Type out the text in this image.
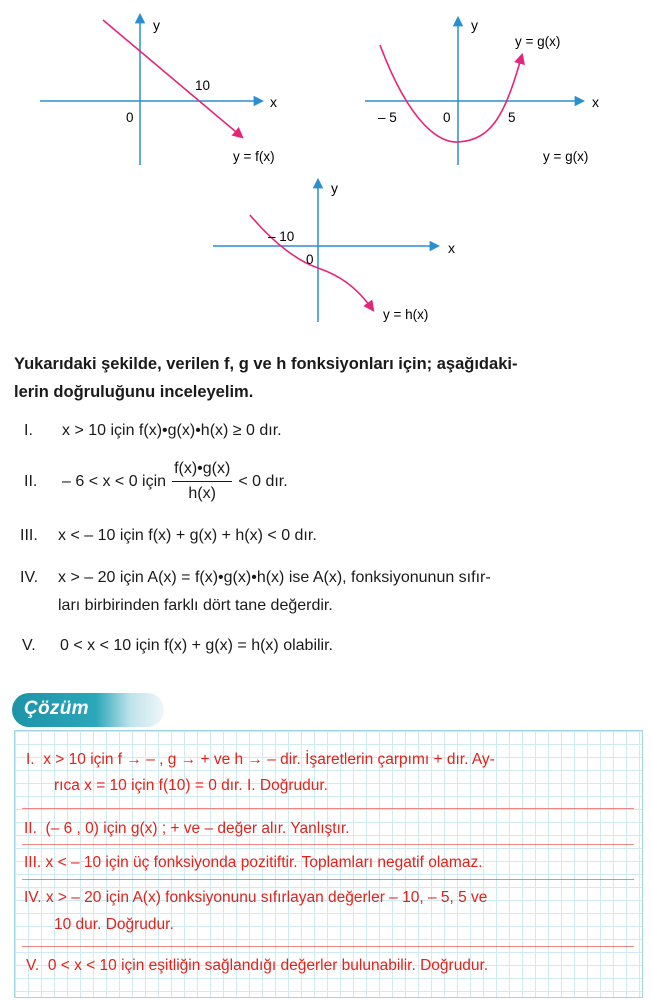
y
x
0
10
y = f(x)
y
x
0
– 5	5
y = g(x)
y = g(x)
y
x
0
– 10
y = h(x)
Yukarıdaki şekilde, verilen f, g ve h fonksiyonları için; aşağıdaki-
lerin doğruluğunu inceleyelim.
I. x > 10 için f(x)•g(x)•h(x) ≥ 0 dır.
II.	– 6 < x < 0 için $\frac{f(x)•g(x)}{h(x)} < 0$ dır.
III. x < – 10 için f(x) + g(x) + h(x) < 0 dır.
IV. x > – 20 için A(x) = f(x)•g(x)•h(x) ise A(x), fonksiyonunun sıfır-
ları birbirinden farklı dört tane değerdir.
V. 0 < x < 10 için f(x) + g(x) = h(x) olabilir.
Çözüm
I. x > 10 için f → – , g → + ve h → – dir. İşaretlerin çarpımı + dır. Ay-
rıca x = 10 için f(10) = 0 dır. I. Doğrudur.
II. (– 6 , 0) için g(x) ; + ve – değer alır. Yanlıştır.
III. x < – 10 için üç fonksiyonda pozitiftir. Toplamları negatif olamaz.
IV. x > – 20 için A(x) fonksiyonunu sıfırlayan değerler – 10, – 5, 5 ve
10 dur. Doğrudur.
V. 0 < x < 10 için eşitliğin sağlandığı değerler bulunabilir. Doğrudur.
